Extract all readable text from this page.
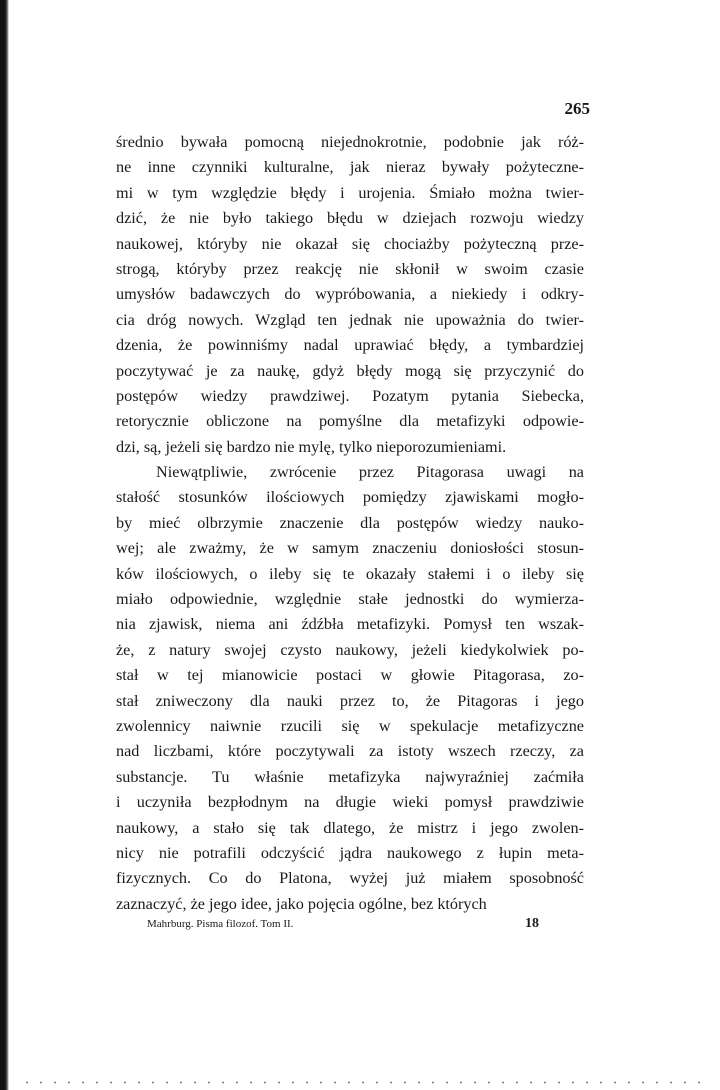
265

średnio bywała pomocną niejednokrotnie, podobnie jak róż-
ne inne czynniki kulturalne, jak nieraz bywały pożyteczne-
mi w tym względzie błędy i urojenia. Śmiało można twier-
dzić, że nie było takiego błędu w dziejach rozwoju wiedzy
naukowej, któryby nie okazał się chociażby pożyteczną prze-
strogą, któryby przez reakcję nie skłonił w swoim czasie
umysłów badawczych do wypróbowania, a niekiedy i odkry-
cia dróg nowych. Wzgląd ten jednak nie upoważnia do twier-
dzenia, że powinniśmy nadal uprawiać błędy, a tymbardziej
poczytywać je za naukę, gdyż błędy mogą się przyczynić do
postępów wiedzy prawdziwej. Pozatym pytania Siebecka,
retorycznie obliczone na pomyślne dla metafizyki odpowie-
dzi, są, jeżeli się bardzo nie mylę, tylko nieporozumieniami.
Niewątpliwie, zwrócenie przez Pitagorasa uwagi na
stałość stosunków ilościowych pomiędzy zjawiskami mogło-
by mieć olbrzymie znaczenie dla postępów wiedzy nauko-
wej; ale zważmy, że w samym znaczeniu doniosłości stosun-
ków ilościowych, o ileby się te okazały stałemi i o ileby się
miało odpowiednie, względnie stałe jednostki do wymierza-
nia zjawisk, niema ani źdźbła metafizyki. Pomysł ten wszak-
że, z natury swojej czysto naukowy, jeżeli kiedykolwiek po-
stał w tej mianowicie postaci w głowie Pitagorasa, zo-
stał zniweczony dla nauki przez to, że Pitagoras i jego
zwolennicy naiwnie rzucili się w spekulacje metafizyczne
nad liczbami, które poczytywali za istoty wszech rzeczy, za
substancje. Tu właśnie metafizyka najwyraźniej zaćmiła
i uczyniła bezpłodnym na długie wieki pomysł prawdziwie
naukowy, a stało się tak dlatego, że mistrz i jego zwolen-
nicy nie potrafili odczyścić jądra naukowego z łupin meta-
fizycznych. Co do Platona, wyżej już miałem sposobność
zaznaczyć, że jego idee, jako pojęcia ogólne, bez których
Mahrburg. Pisma filozof. Tom II.	18
